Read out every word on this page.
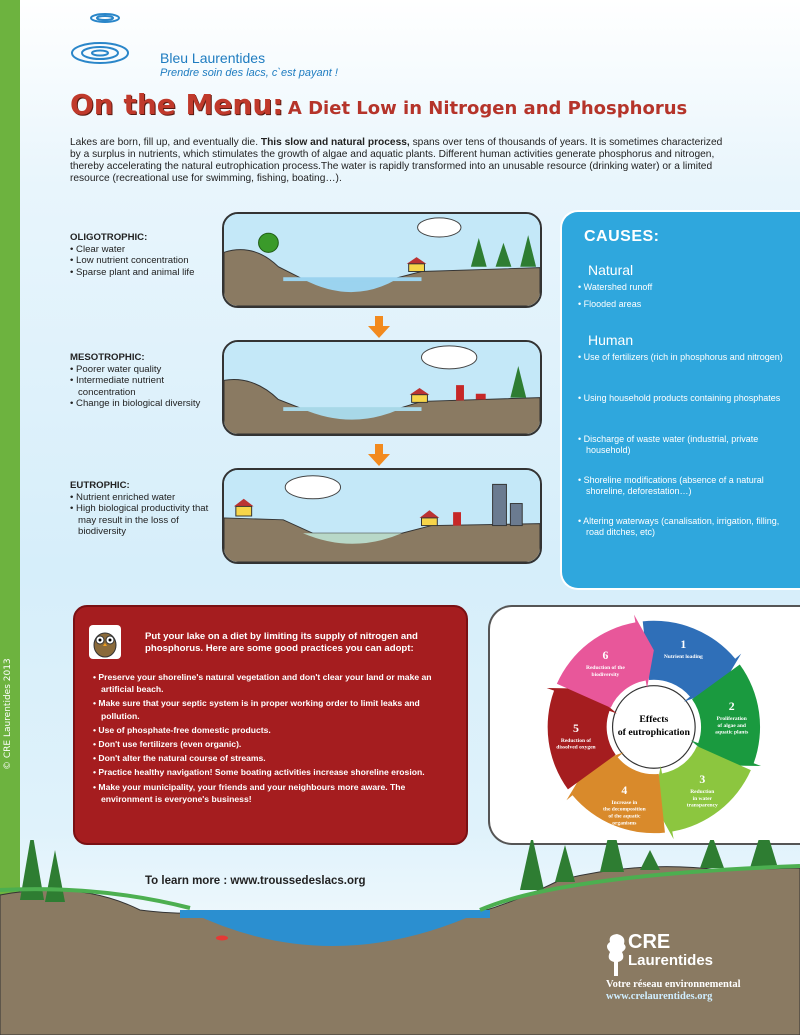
© CRE Laurentides 2013
Bleu Laurentides
Prendre soin des lacs, c`est payant !
On the Menu: A Diet Low in Nitrogen and Phosphorus

Lakes are born, fill up, and eventually die. This slow and natural process, spans over tens of thousands of years. It is sometimes characterized by a surplus in nutrients, which stimulates the growth of algae and aquatic plants. Different human activities generate phosphorus and nitrogen, thereby accelerating the natural eutrophication process.The water is rapidly transformed into an unusable resource (drinking water) or a limited resource (recreational use for swimming, fishing, boating…).

OLIGOTROPHIC:
• Clear water
• Low nutrient concentration
• Sparse plant and animal life
MESOTROPHIC:
• Poorer water quality
• Intermediate nutrient concentration
• Change in biological diversity
EUTROPHIC:
• Nutrient enriched water
• High biological productivity that may result in the loss of biodiversity
CAUSES:
Natural
• Watershed runoff
• Flooded areas
Human
• Use of fertilizers (rich in phosphorus and nitrogen)
• Using household products containing phosphates
• Discharge of waste water (industrial, private household)
• Shoreline modifications (absence of a natural shoreline, deforestation…)
• Altering waterways (canalisation, irrigation, filling, road ditches, etc)
Put your lake on a diet by limiting its supply of nitrogen and phosphorus. Here are some good practices you can adopt:
• Preserve your shoreline's natural vegetation and don't clear your land or make an artificial beach.
• Make sure that your septic system is in proper working order to limit leaks and pollution.
• Use of phosphate-free domestic products.
• Don't use fertilizers (even organic).
• Don't alter the natural course of streams.
• Practice healthy navigation! Some boating activities increase shoreline erosion.
• Make your municipality, your friends and your neighbours more aware. The environment is everyone's business!
Effects
of eutrophication
1
Nutrient loading
2
Proliferation
of algae and
aquatic plants
3
Reduction
in water
transparency
4
Increase in
the decomposition
of the aquatic
organisms
5
Reduction of
dissolved oxygen
6
Reduction of the
biodiversity
To learn more : www.troussedeslacs.org
CRE
Laurentides
Votre réseau environnemental
www.crelaurentides.org
